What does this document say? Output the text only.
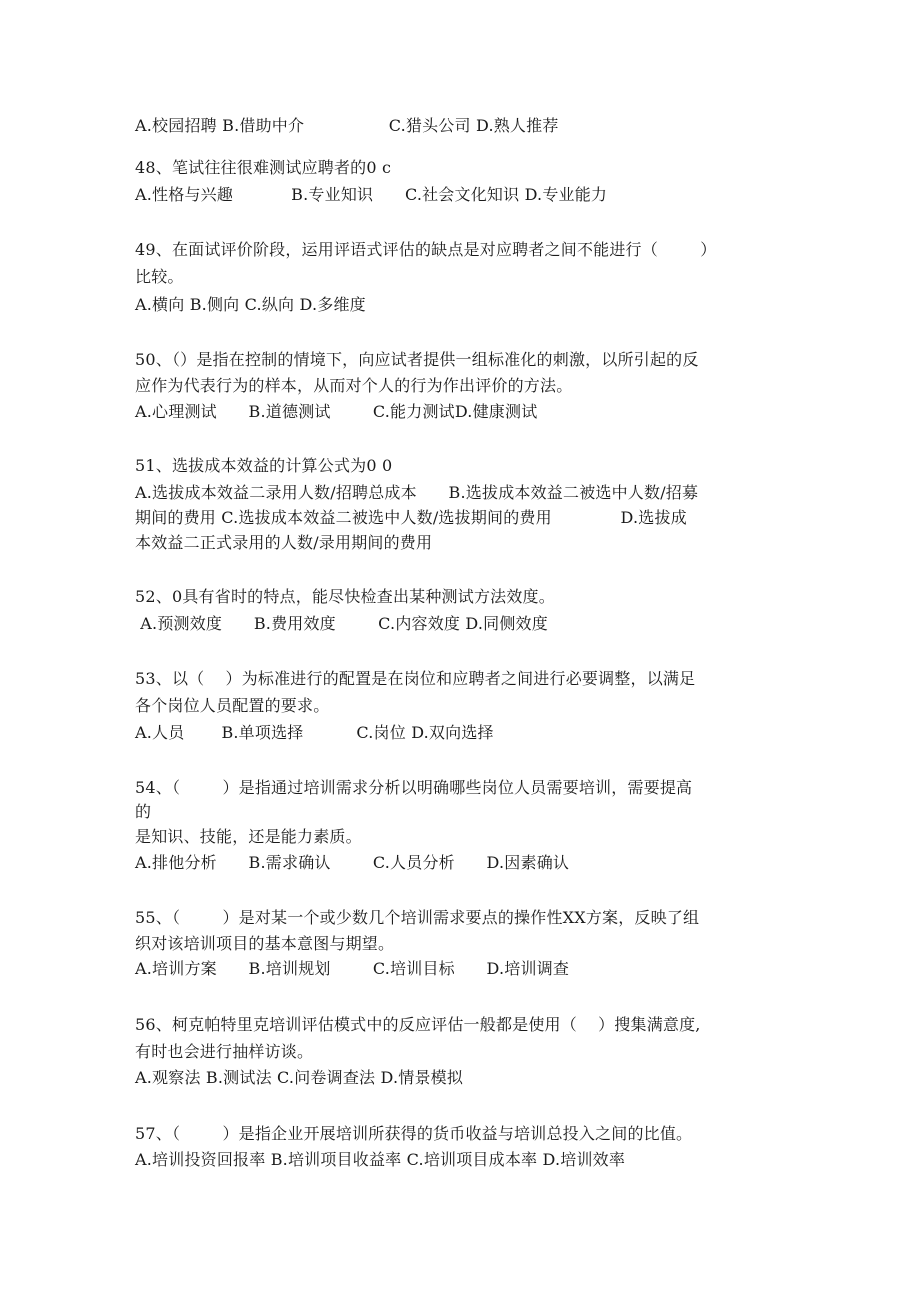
A.校园招聘 B.借助中介                C.猎头公司 D.熟人推荐
48、笔试往往很难测试应聘者的0 c
A.性格与兴趣           B.专业知识      C.社会文化知识 D.专业能力
49、在面试评价阶段，运用评语式评估的缺点是对应聘者之间不能进行（        ）
比较。
A.横向 B.侧向 C.纵向 D.多维度
50、（）是指在控制的情境下，向应试者提供一组标准化的刺激，以所引起的反
应作为代表行为的样本，从而对个人的行为作出评价的方法。
A.心理测试      B.道德测试        C.能力测试D.健康测试
51、选拔成本效益的计算公式为0 0
A.选拔成本效益二录用人数/招聘总成本      B.选拔成本效益二被选中人数/招募
期间的费用 C.选拔成本效益二被选中人数/选拔期间的费用             D.选拔成
本效益二正式录用的人数/录用期间的费用
52、0具有省时的特点，能尽快检查出某种测试方法效度。
A.预测效度      B.费用效度        C.内容效度 D.同侧效度
53、以（    ）为标准进行的配置是在岗位和应聘者之间进行必要调整，以满足
各个岗位人员配置的要求。
A.人员       B.单项选择          C.岗位 D.双向选择
54、（        ）是指通过培训需求分析以明确哪些岗位人员需要培训，需要提高
的
是知识、技能，还是能力素质。
A.排他分析      B.需求确认        C.人员分析      D.因素确认
55、（        ）是对某一个或少数几个培训需求要点的操作性XX方案，反映了组
织对该培训项目的基本意图与期望。
A.培训方案      B.培训规划        C.培训目标      D.培训调查
56、柯克帕特里克培训评估模式中的反应评估一般都是使用（    ）搜集满意度,
有时也会进行抽样访谈。
A.观察法 B.测试法 C.问卷调查法 D.情景模拟
57、（        ）是指企业开展培训所获得的货币收益与培训总投入之间的比值。
A.培训投资回报率 B.培训项目收益率 C.培训项目成本率 D.培训效率
